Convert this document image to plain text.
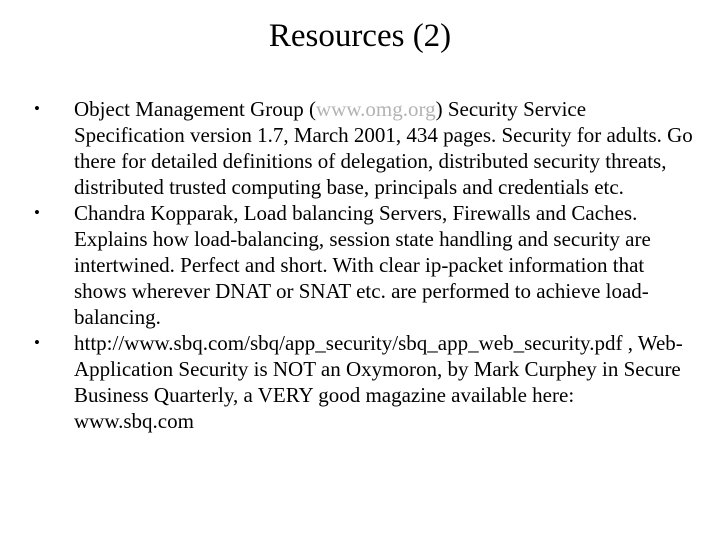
Resources (2)
• Object Management Group (www.omg.org) Security Service Specification version 1.7, March 2001, 434 pages. Security for adults. Go there for detailed definitions of delegation, distributed security threats, distributed trusted computing base, principals and credentials etc.
• Chandra Kopparak, Load balancing Servers, Firewalls and Caches. Explains how load-balancing, session state handling and security are intertwined. Perfect and short. With clear ip-packet information that shows wherever DNAT or SNAT etc. are performed to achieve load-balancing.
• http://www.sbq.com/sbq/app_security/sbq_app_web_security.pdf , Web-Application Security is NOT an Oxymoron, by Mark Curphey in Secure Business Quarterly, a VERY good magazine available here: www.sbq.com
